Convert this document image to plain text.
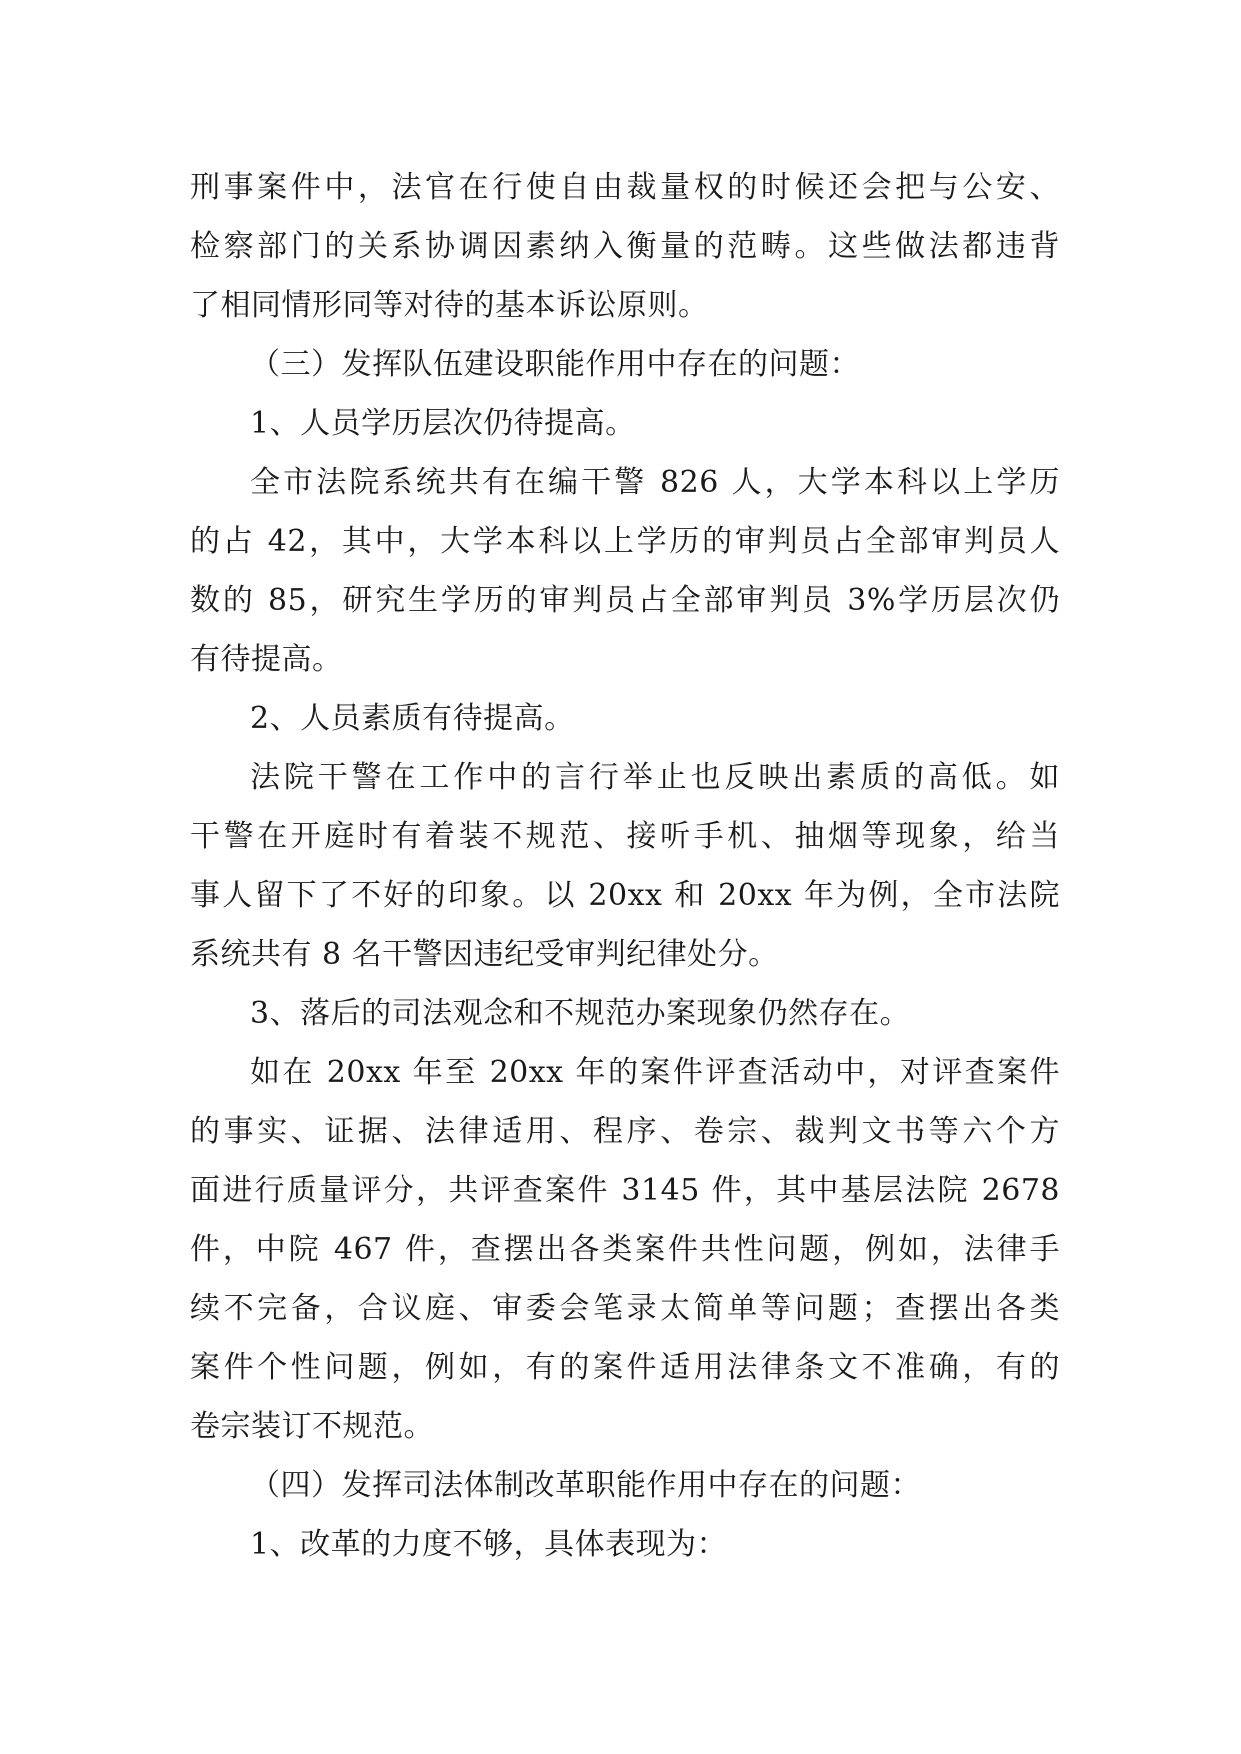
刑事案件中，法官在行使自由裁量权的时候还会把与公安、
检察部门的关系协调因素纳入衡量的范畴。这些做法都违背
了相同情形同等对待的基本诉讼原则。
（三）发挥队伍建设职能作用中存在的问题：
1、人员学历层次仍待提高。
全市法院系统共有在编干警 826 人，大学本科以上学历
的占 42，其中，大学本科以上学历的审判员占全部审判员人
数的 85，研究生学历的审判员占全部审判员 3%学历层次仍
有待提高。
2、人员素质有待提高。
法院干警在工作中的言行举止也反映出素质的高低。如
干警在开庭时有着装不规范、接听手机、抽烟等现象，给当
事人留下了不好的印象。以 20xx 和 20xx 年为例，全市法院
系统共有 8 名干警因违纪受审判纪律处分。
3、落后的司法观念和不规范办案现象仍然存在。
如在 20xx 年至 20xx 年的案件评查活动中，对评查案件
的事实、证据、法律适用、程序、卷宗、裁判文书等六个方
面进行质量评分，共评查案件 3145 件，其中基层法院 2678
件，中院 467 件，查摆出各类案件共性问题，例如，法律手
续不完备，合议庭、审委会笔录太简单等问题；查摆出各类
案件个性问题，例如，有的案件适用法律条文不准确，有的
卷宗装订不规范。
（四）发挥司法体制改革职能作用中存在的问题：
1、改革的力度不够，具体表现为：
